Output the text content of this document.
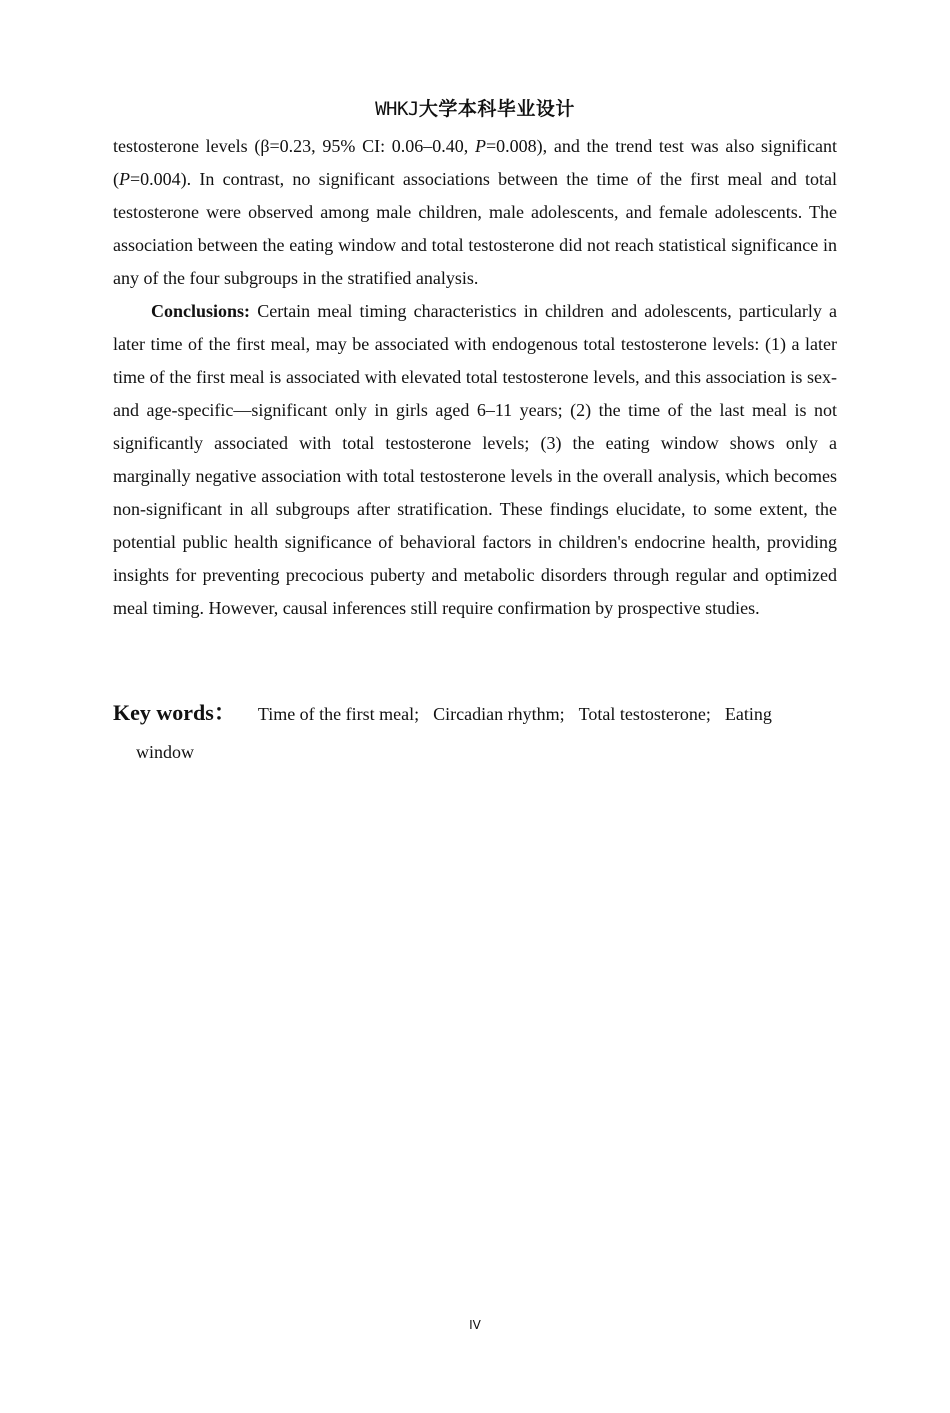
WHKJ大学本科毕业设计

testosterone levels (β=0.23, 95% CI: 0.06–0.40, P=0.008), and the trend test was also significant (P=0.004). In contrast, no significant associations between the time of the first meal and total testosterone were observed among male children, male adolescents, and female adolescents. The association between the eating window and total testosterone did not reach statistical significance in any of the four subgroups in the stratified analysis.

Conclusions: Certain meal timing characteristics in children and adolescents, particularly a later time of the first meal, may be associated with endogenous total testosterone levels: (1) a later time of the first meal is associated with elevated total testosterone levels, and this association is sex- and age-specific—significant only in girls aged 6–11 years; (2) the time of the last meal is not significantly associated with total testosterone levels; (3) the eating window shows only a marginally negative association with total testosterone levels in the overall analysis, which becomes non-significant in all subgroups after stratification. These findings elucidate, to some extent, the potential public health significance of behavioral factors in children's endocrine health, providing insights for preventing precocious puberty and metabolic disorders through regular and optimized meal timing. However, causal inferences still require confirmation by prospective studies.

Key words： Time of the first meal; Circadian rhythm; Total testosterone; Eating
window
IV
